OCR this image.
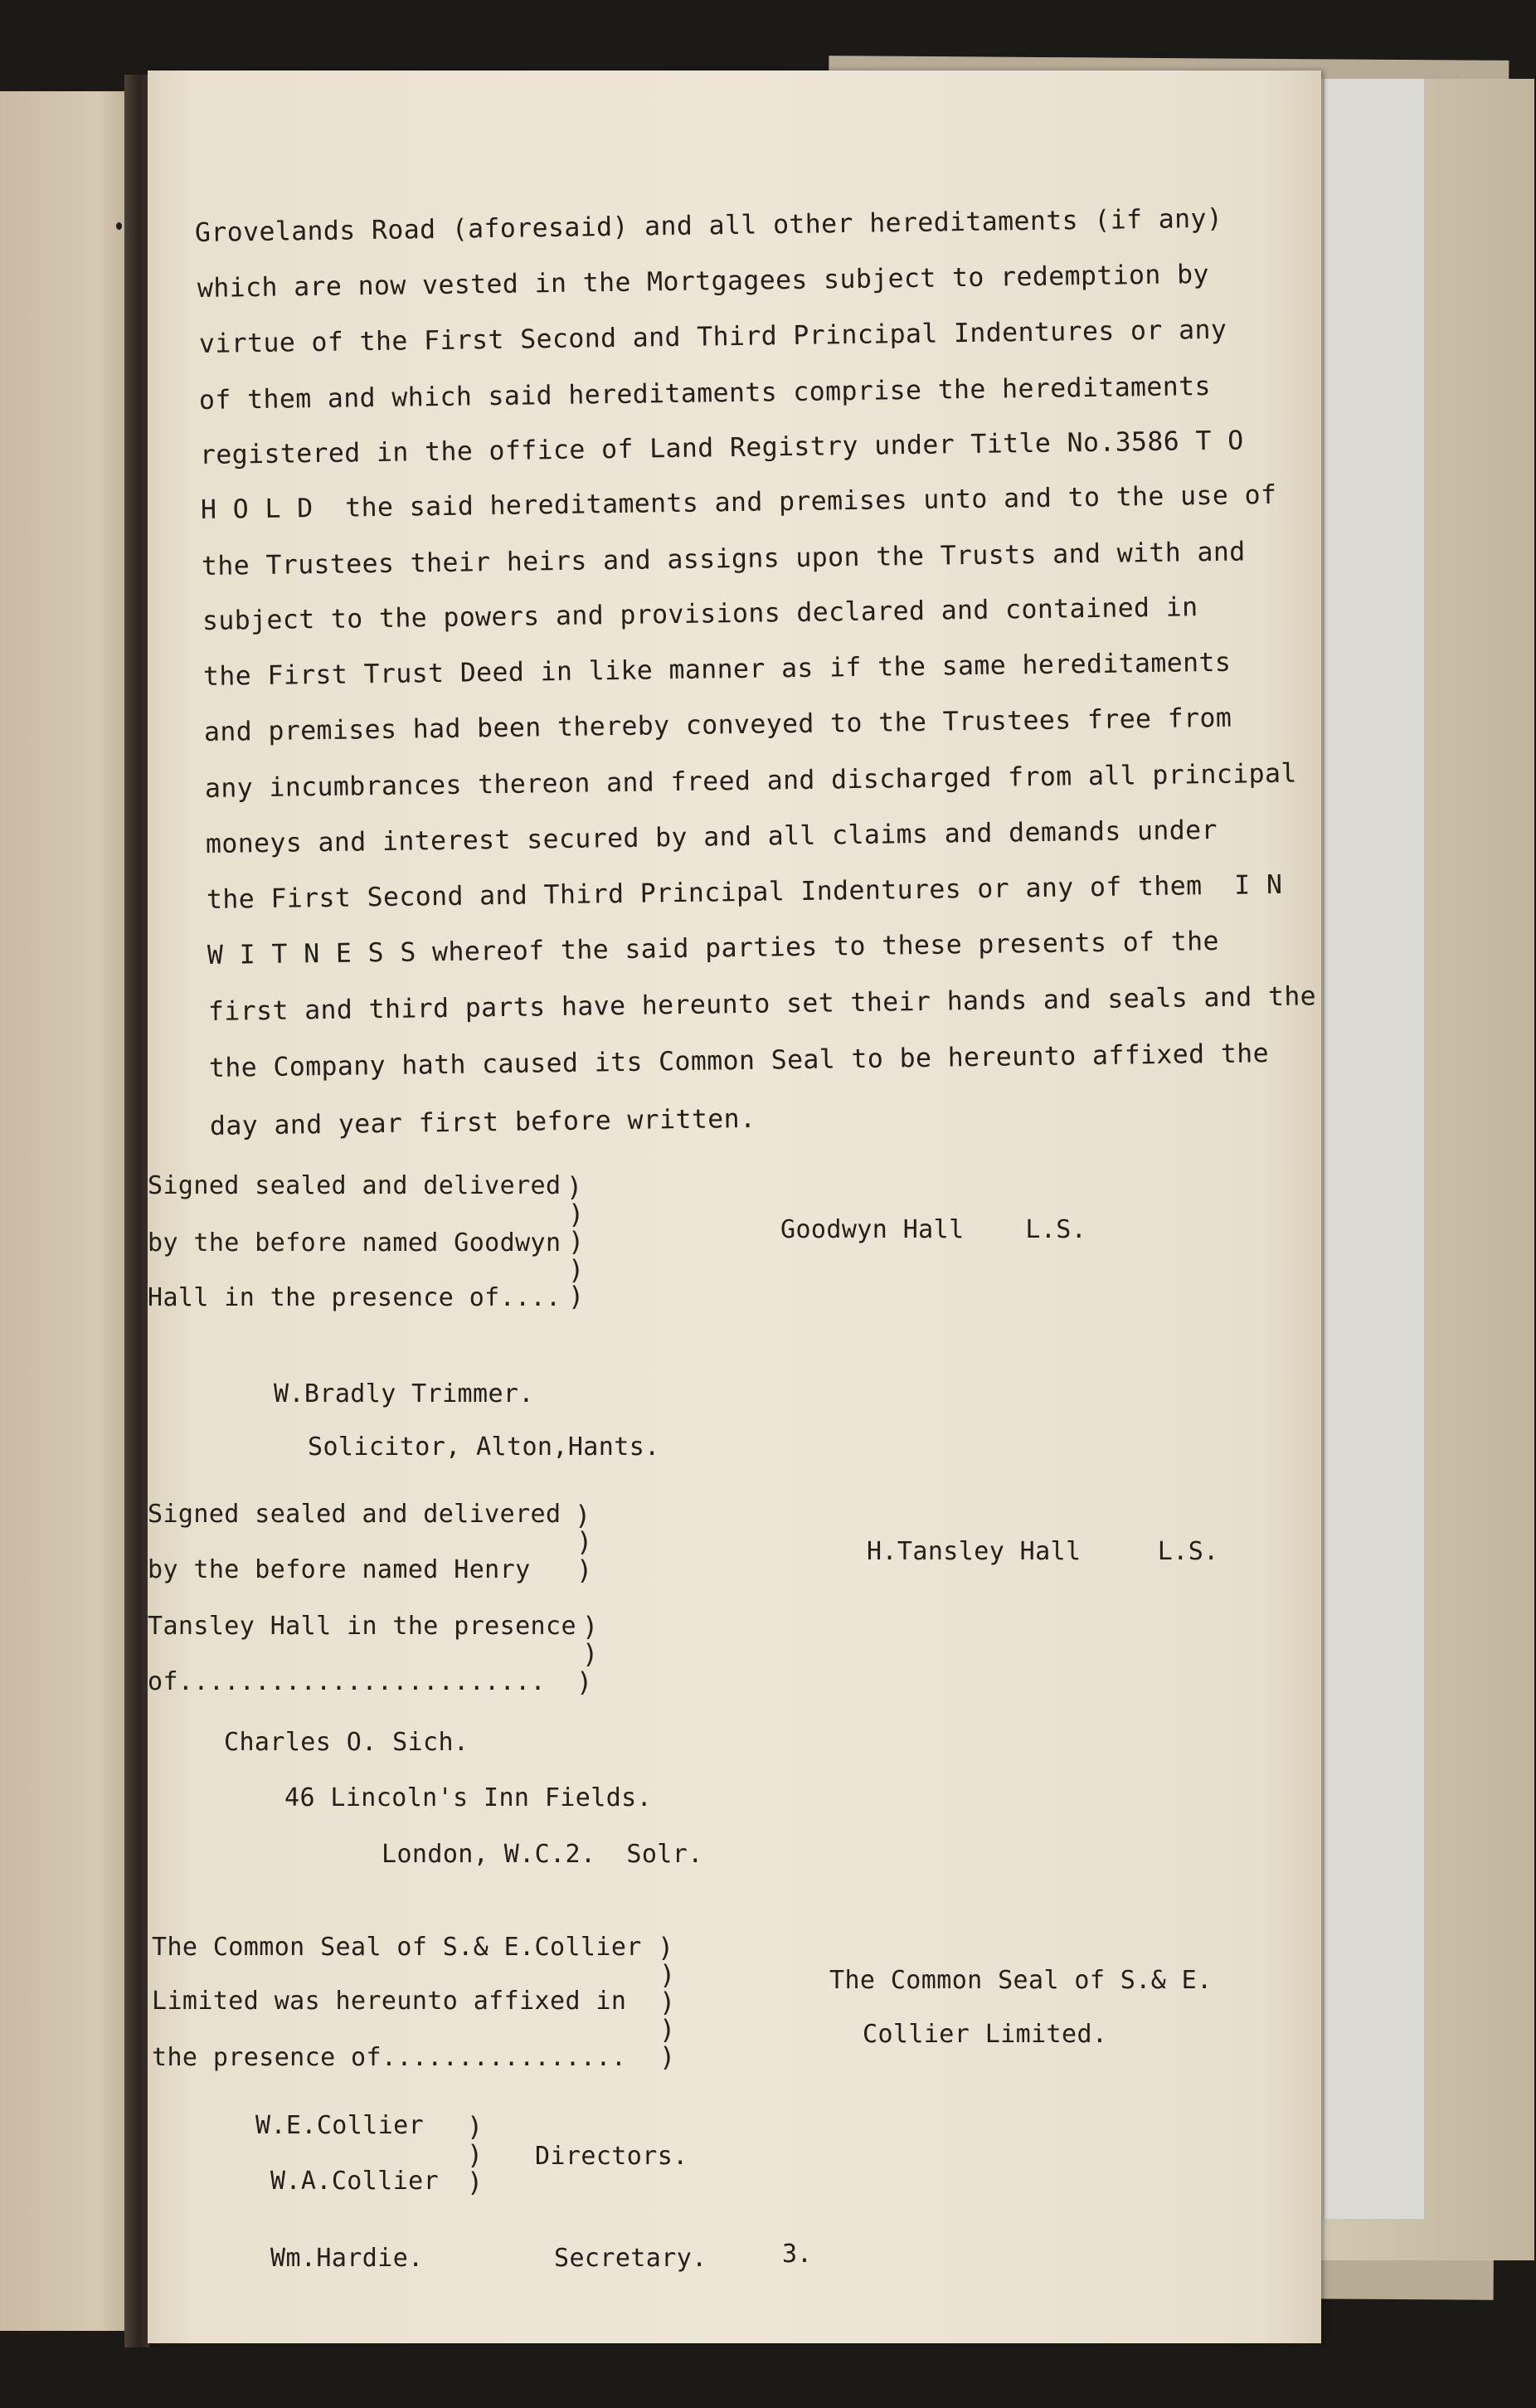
Grovelands Road (aforesaid) and all other hereditaments (if any)
which are now vested in the Mortgagees subject to redemption by
virtue of the First Second and Third Principal Indentures or any
of them and which said hereditaments comprise the hereditaments
registered in the office of Land Registry under Title No.3586 T O
H O L D  the said hereditaments and premises unto and to the use of
the Trustees their heirs and assigns upon the Trusts and with and
subject to the powers and provisions declared and contained in
the First Trust Deed in like manner as if the same hereditaments
and premises had been thereby conveyed to the Trustees free from
any incumbrances thereon and freed and discharged from all principal
moneys and interest secured by and all claims and demands under
the First Second and Third Principal Indentures or any of them  I N
W I T N E S S whereof the said parties to these presents of the
first and third parts have hereunto set their hands and seals and the
the Company hath caused its Common Seal to be hereunto affixed the
day and year first before written.
Signed sealed and delivered
by the before named Goodwyn
Hall in the presence of....
)
)
)
)
)
Goodwyn Hall    L.S.
W.Bradly Trimmer.
Solicitor, Alton,Hants.
Signed sealed and delivered
by the before named Henry
Tansley Hall in the presence
of........................
)
)
)
)
)
)
H.Tansley Hall     L.S.
Charles O. Sich.
46 Lincoln's Inn Fields.
London, W.C.2.  Solr.
The Common Seal of S.& E.Collier
Limited was hereunto affixed in
the presence of................
)
)
)
)
)
The Common Seal of S.& E.
Collier Limited.
W.E.Collier
W.A.Collier
)
)
)
Directors.
Wm.Hardie.	Secretary.	3.
